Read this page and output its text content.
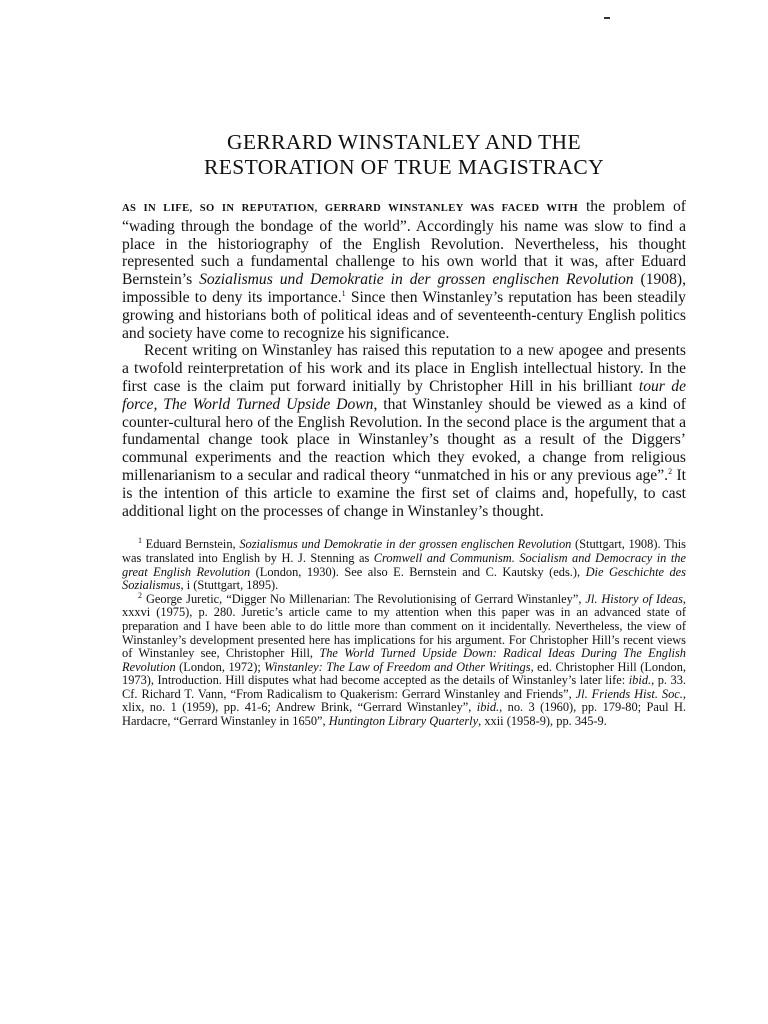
GERRARD WINSTANLEY AND THE
RESTORATION OF TRUE MAGISTRACY

AS IN LIFE, SO IN REPUTATION, GERRARD WINSTANLEY WAS FACED WITH the problem of “wading through the bondage of the world”. Accordingly his name was slow to find a place in the historiography of the English Revolution. Nevertheless, his thought represented such a fundamental challenge to his own world that it was, after Eduard Bernstein’s Sozialismus und Demokratie in der grossen englischen Revolution (1908), impossible to deny its importance.$^1$ Since then Winstanley’s reputation has been steadily growing and historians both of political ideas and of seventeenth-century English politics and society have come to recognize his significance.

Recent writing on Winstanley has raised this reputation to a new apogee and presents a twofold reinterpretation of his work and its place in English intellectual history. In the first case is the claim put forward initially by Christopher Hill in his brilliant tour de force, The World Turned Upside Down, that Winstanley should be viewed as a kind of counter-cultural hero of the English Revolution. In the second place is the argument that a fundamental change took place in Winstanley’s thought as a result of the Diggers’ communal experiments and the reaction which they evoked, a change from religious millenarianism to a secular and radical theory “unmatched in his or any previous age”.$^2$ It is the intention of this article to examine the first set of claims and, hopefully, to cast additional light on the processes of change in Winstanley’s thought.

$^1$ Eduard Bernstein, Sozialismus und Demokratie in der grossen englischen Revolution (Stuttgart, 1908). This was translated into English by H. J. Stenning as Cromwell and Communism. Socialism and Democracy in the great English Revolution (London, 1930). See also E. Bernstein and C. Kautsky (eds.), Die Geschichte des Sozialismus, i (Stuttgart, 1895).

$^2$ George Juretic, “Digger No Millenarian: The Revolutionising of Gerrard Winstanley”, Jl. History of Ideas, xxxvi (1975), p. 280. Juretic’s article came to my attention when this paper was in an advanced state of preparation and I have been able to do little more than comment on it incidentally. Nevertheless, the view of Winstanley’s development presented here has implications for his argument. For Christopher Hill’s recent views of Winstanley see, Christopher Hill, The World Turned Upside Down: Radical Ideas During The English Revolution (London, 1972); Winstanley: The Law of Freedom and Other Writings, ed. Christopher Hill (London, 1973), Introduction. Hill disputes what had become accepted as the details of Winstanley’s later life: ibid., p. 33. Cf. Richard T. Vann, “From Radicalism to Quakerism: Gerrard Winstanley and Friends”, Jl. Friends Hist. Soc., xlix, no. 1 (1959), pp. 41-6; Andrew Brink, “Gerrard Winstanley”, ibid., no. 3 (1960), pp. 179-80; Paul H. Hardacre, “Gerrard Winstanley in 1650”, Huntington Library Quarterly, xxii (1958-9), pp. 345-9.
